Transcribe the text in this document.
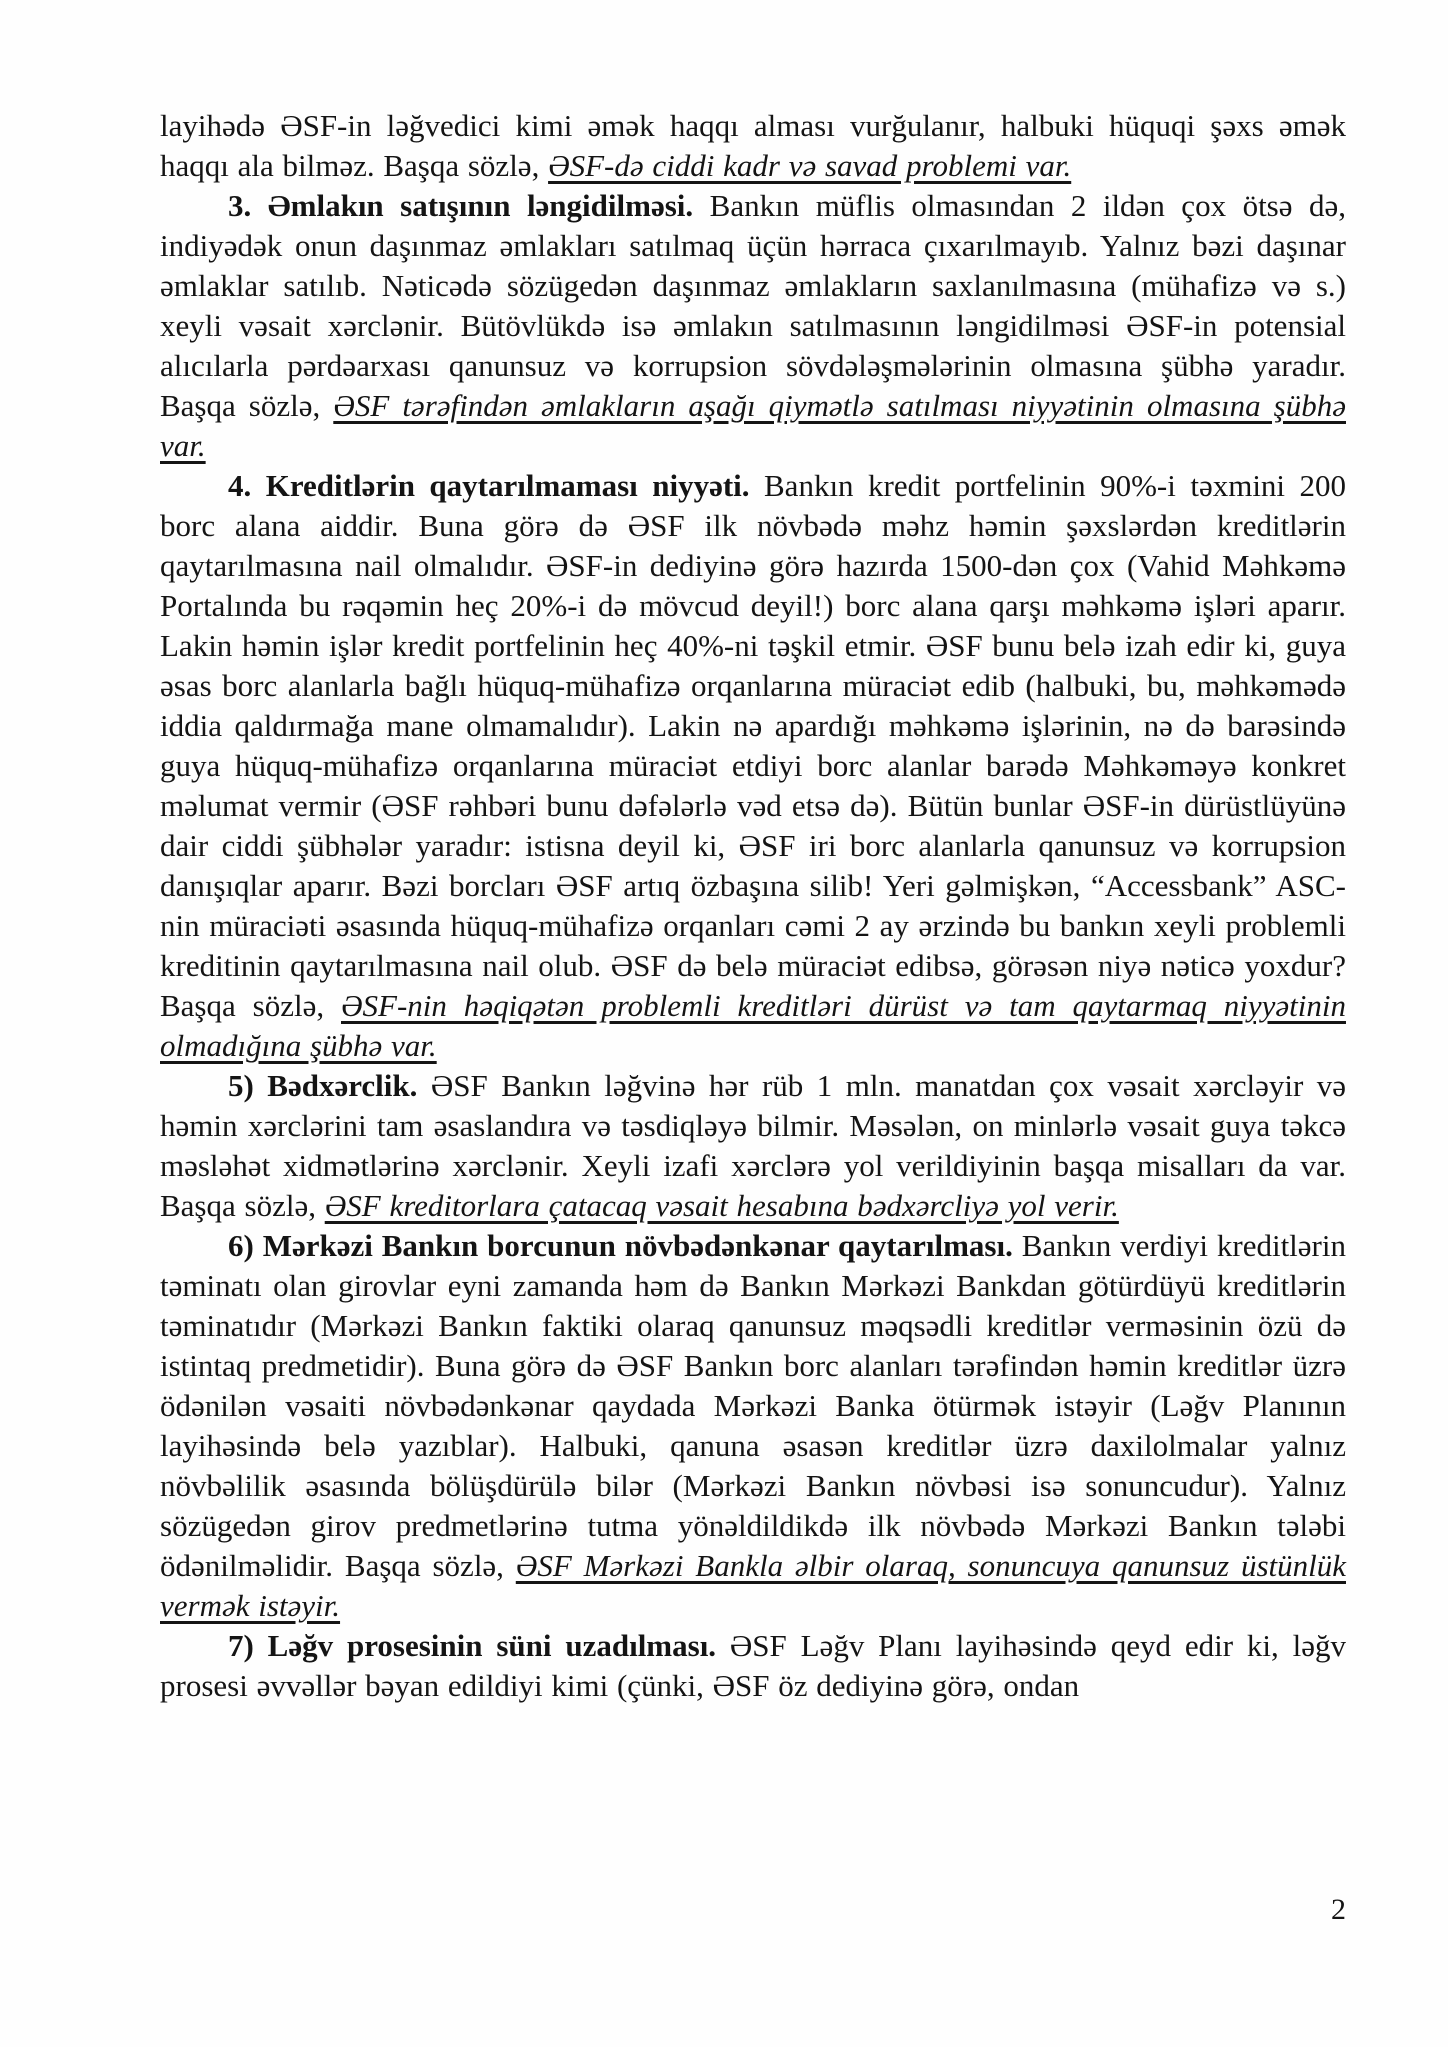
layihədə ƏSF-in ləğvedici kimi əmək haqqı alması vurğulanır, halbuki hüquqi şəxs əmək haqqı ala bilməz. Başqa sözlə, ƏSF-də ciddi kadr və savad problemi var.

3. Əmlakın satışının ləngidilməsi. Bankın müflis olmasından 2 ildən çox ötsə də, indiyədək onun daşınmaz əmlakları satılmaq üçün hərraca çıxarılmayıb. Yalnız bəzi daşınar əmlaklar satılıb. Nəticədə sözügedən daşınmaz əmlakların saxlanılmasına (mühafizə və s.) xeyli vəsait xərclənir. Bütövlükdə isə əmlakın satılmasının ləngidilməsi ƏSF-in potensial alıcılarla pərdəarxası qanunsuz və korrupsion sövdələşmələrinin olmasına şübhə yaradır. Başqa sözlə, ƏSF tərəfindən əmlakların aşağı qiymətlə satılması niyyətinin olmasına şübhə var.

4. Kreditlərin qaytarılmaması niyyəti. Bankın kredit portfelinin 90%-i təxmini 200 borc alana aiddir. Buna görə də ƏSF ilk növbədə məhz həmin şəxslərdən kreditlərin qaytarılmasına nail olmalıdır. ƏSF-in dediyinə görə hazırda 1500-dən çox (Vahid Məhkəmə Portalında bu rəqəmin heç 20%-i də mövcud deyil!) borc alana qarşı məhkəmə işləri aparır. Lakin həmin işlər kredit portfelinin heç 40%-ni təşkil etmir. ƏSF bunu belə izah edir ki, guya əsas borc alanlarla bağlı hüquq-mühafizə orqanlarına müraciət edib (halbuki, bu, məhkəmədə iddia qaldırmağa mane olmamalıdır). Lakin nə apardığı məhkəmə işlərinin, nə də barəsində guya hüquq-mühafizə orqanlarına müraciət etdiyi borc alanlar barədə Məhkəməyə konkret məlumat vermir (ƏSF rəhbəri bunu dəfələrlə vəd etsə də). Bütün bunlar ƏSF-in dürüstlüyünə dair ciddi şübhələr yaradır: istisna deyil ki, ƏSF iri borc alanlarla qanunsuz və korrupsion danışıqlar aparır. Bəzi borcları ƏSF artıq özbaşına silib! Yeri gəlmişkən, “Accessbank” ASC-nin müraciəti əsasında hüquq-mühafizə orqanları cəmi 2 ay ərzində bu bankın xeyli problemli kreditinin qaytarılmasına nail olub. ƏSF də belə müraciət edibsə, görəsən niyə nəticə yoxdur? Başqa sözlə, ƏSF-nin həqiqətən problemli kreditləri dürüst və tam qaytarmaq niyyətinin olmadığına şübhə var.

5) Bədxərclik. ƏSF Bankın ləğvinə hər rüb 1 mln. manatdan çox vəsait xərcləyir və həmin xərclərini tam əsaslandıra və təsdiqləyə bilmir. Məsələn, on minlərlə vəsait guya təkcə məsləhət xidmətlərinə xərclənir. Xeyli izafi xərclərə yol verildiyinin başqa misalları da var. Başqa sözlə, ƏSF kreditorlara çatacaq vəsait hesabına bədxərcliyə yol verir.

6) Mərkəzi Bankın borcunun növbədənkənar qaytarılması. Bankın verdiyi kreditlərin təminatı olan girovlar eyni zamanda həm də Bankın Mərkəzi Bankdan götürdüyü kreditlərin təminatıdır (Mərkəzi Bankın faktiki olaraq qanunsuz məqsədli kreditlər verməsinin özü də istintaq predmetidir). Buna görə də ƏSF Bankın borc alanları tərəfindən həmin kreditlər üzrə ödənilən vəsaiti növbədənkənar qaydada Mərkəzi Banka ötürmək istəyir (Ləğv Planının layihəsində belə yazıblar). Halbuki, qanuna əsasən kreditlər üzrə daxilolmalar yalnız növbəlilik əsasında bölüşdürülə bilər (Mərkəzi Bankın növbəsi isə sonuncudur). Yalnız sözügedən girov predmetlərinə tutma yönəldildikdə ilk növbədə Mərkəzi Bankın tələbi ödənilməlidir. Başqa sözlə, ƏSF Mərkəzi Bankla əlbir olaraq, sonuncuya qanunsuz üstünlük vermək istəyir.

7) Ləğv prosesinin süni uzadılması. ƏSF Ləğv Planı layihəsində qeyd edir ki, ləğv prosesi əvvəllər bəyan edildiyi kimi (çünki, ƏSF öz dediyinə görə, ondan

2
